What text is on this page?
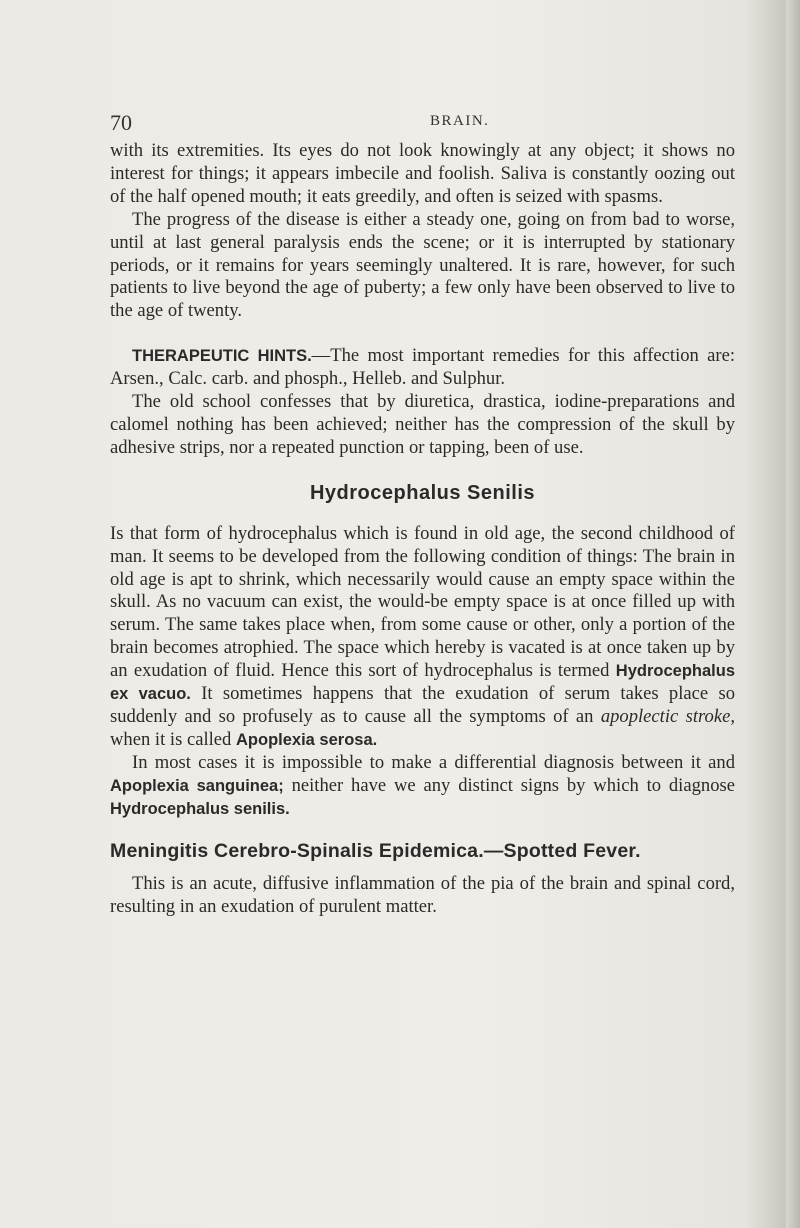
70	BRAIN.

with its extremities. Its eyes do not look knowingly at any object; it shows no interest for things; it appears imbecile and foolish. Saliva is constantly oozing out of the half opened mouth; it eats greedily, and often is seized with spasms.

The progress of the disease is either a steady one, going on from bad to worse, until at last general paralysis ends the scene; or it is interrupted by stationary periods, or it remains for years seemingly unaltered. It is rare, however, for such patients to live beyond the age of puberty; a few only have been observed to live to the age of twenty.

THERAPEUTIC HINTS.—The most important remedies for this affection are: Arsen., Calc. carb. and phosph., Helleb. and Sulphur.

The old school confesses that by diuretica, drastica, iodine-preparations and calomel nothing has been achieved; neither has the compression of the skull by adhesive strips, nor a repeated punction or tapping, been of use.

Hydrocephalus Senilis

Is that form of hydrocephalus which is found in old age, the second childhood of man. It seems to be developed from the following condition of things: The brain in old age is apt to shrink, which necessarily would cause an empty space within the skull. As no vacuum can exist, the would-be empty space is at once filled up with serum. The same takes place when, from some cause or other, only a portion of the brain becomes atrophied. The space which hereby is vacated is at once taken up by an exudation of fluid. Hence this sort of hydrocephalus is termed Hydrocephalus ex vacuo. It sometimes happens that the exudation of serum takes place so suddenly and so profusely as to cause all the symptoms of an apoplectic stroke, when it is called Apoplexia serosa.

In most cases it is impossible to make a differential diagnosis between it and Apoplexia sanguinea; neither have we any distinct signs by which to diagnose Hydrocephalus senilis.

Meningitis Cerebro-Spinalis Epidemica.—Spotted Fever.

This is an acute, diffusive inflammation of the pia of the brain and spinal cord, resulting in an exudation of purulent matter.
